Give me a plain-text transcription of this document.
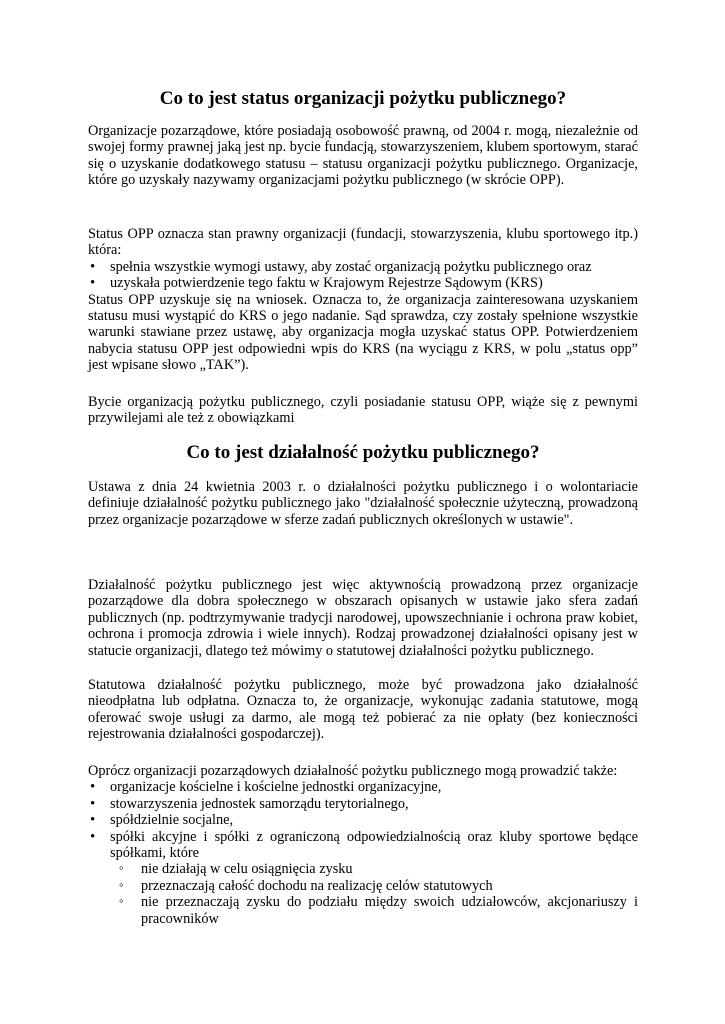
Co to jest status organizacji pożytku publicznego?

Organizacje pozarządowe, które posiadają osobowość prawną, od 2004 r. mogą, niezależnie od swojej formy prawnej jaką jest np. bycie fundacją, stowarzyszeniem, klubem sportowym, starać się o uzyskanie dodatkowego statusu – statusu organizacji pożytku publicznego. Organizacje, które go uzyskały nazywamy organizacjami pożytku publicznego (w skrócie OPP).

Status OPP oznacza stan prawny organizacji (fundacji, stowarzyszenia, klubu sportowego itp.) która:

• spełnia wszystkie wymogi ustawy, aby zostać organizacją pożytku publicznego oraz
• uzyskała potwierdzenie tego faktu w Krajowym Rejestrze Sądowym (KRS)

Status OPP uzyskuje się na wniosek. Oznacza to, że organizacja zainteresowana uzyskaniem statusu musi wystąpić do KRS o jego nadanie. Sąd sprawdza, czy zostały spełnione wszystkie warunki stawiane przez ustawę, aby organizacja mogła uzyskać status OPP. Potwierdzeniem nabycia statusu OPP jest odpowiedni wpis do KRS (na wyciągu z KRS, w polu „status opp” jest wpisane słowo „TAK”).

Bycie organizacją pożytku publicznego, czyli posiadanie statusu OPP, wiąże się z pewnymi przywilejami ale też z obowiązkami

Co to jest działalność pożytku publicznego?

Ustawa z dnia 24 kwietnia 2003 r. o działalności pożytku publicznego i o wolontariacie definiuje działalność pożytku publicznego jako "działalność społecznie użyteczną, prowadzoną przez organizacje pozarządowe w sferze zadań publicznych określonych w ustawie".

Działalność pożytku publicznego jest więc aktywnością prowadzoną przez organizacje pozarządowe dla dobra społecznego w obszarach opisanych w ustawie jako sfera zadań publicznych (np. podtrzymywanie tradycji narodowej, upowszechnianie i ochrona praw kobiet, ochrona i promocja zdrowia i wiele innych). Rodzaj prowadzonej działalności opisany jest w statucie organizacji, dlatego też mówimy o statutowej działalności pożytku publicznego.

Statutowa działalność pożytku publicznego, może być prowadzona jako działalność nieodpłatna lub odpłatna. Oznacza to, że organizacje, wykonując zadania statutowe, mogą oferować swoje usługi za darmo, ale mogą też pobierać za nie opłaty (bez konieczności rejestrowania działalności gospodarczej).

Oprócz organizacji pozarządowych działalność pożytku publicznego mogą prowadzić także:

• organizacje kościelne i kościelne jednostki organizacyjne,
• stowarzyszenia jednostek samorządu terytorialnego,
• spółdzielnie socjalne,
• spółki akcyjne i spółki z ograniczoną odpowiedzialnością oraz kluby sportowe będące spółkami, które
◦ nie działają w celu osiągnięcia zysku
◦ przeznaczają całość dochodu na realizację celów statutowych
◦ nie przeznaczają zysku do podziału między swoich udziałowców, akcjonariuszy i pracowników
